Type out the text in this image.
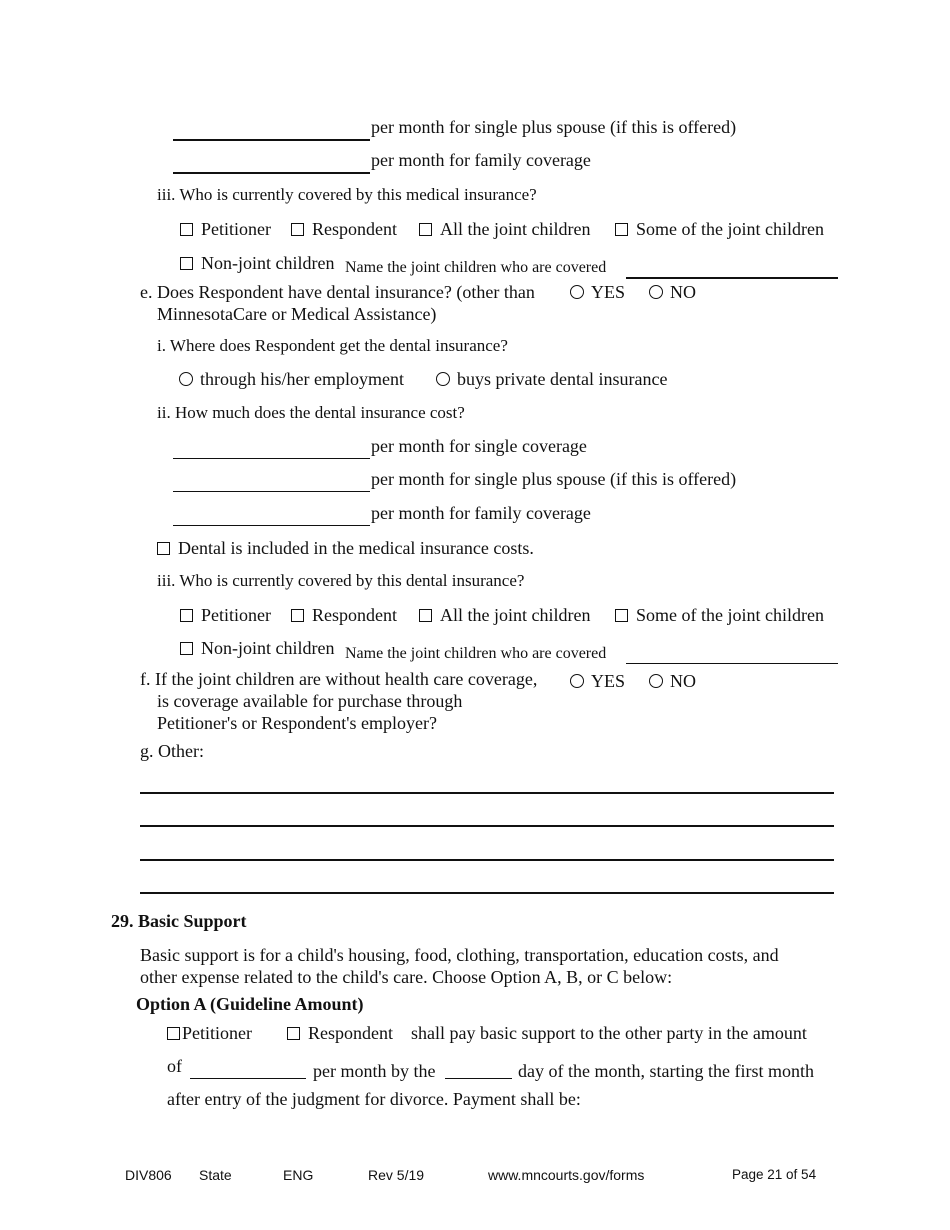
per month for single plus spouse (if this is offered)
per month for family coverage
iii. Who is currently covered by this medical insurance?
Petitioner	Respondent	All the joint children	Some of the joint children
Non-joint children Name the joint children who are covered
e. Does Respondent have dental insurance? (other than
MinnesotaCare or Medical Assistance)
YES	NO
i. Where does Respondent get the dental insurance?
through his/her employment	buys private dental insurance
ii. How much does the dental insurance cost?
per month for single coverage
per month for single plus spouse (if this is offered)
per month for family coverage
Dental is included in the medical insurance costs.
iii. Who is currently covered by this dental insurance?
Petitioner	Respondent	All the joint children	Some of the joint children
Non-joint children Name the joint children who are covered
f. If the joint children are without health care coverage,
is coverage available for purchase through
Petitioner's or Respondent's employer?
YES	NO
g. Other:
29. Basic Support
Basic support is for a child's housing, food, clothing, transportation, education costs, and
other expense related to the child's care. Choose Option A, B, or C below:
Option A (Guideline Amount)
Petitioner	Respondent shall pay basic support to the other party in the amount
of	per month by the	day of the month, starting the first month
after entry of the judgment for divorce. Payment shall be:
DIV806 State	ENG	Rev 5/19	www.mncourts.gov/forms	Page 21 of 54
